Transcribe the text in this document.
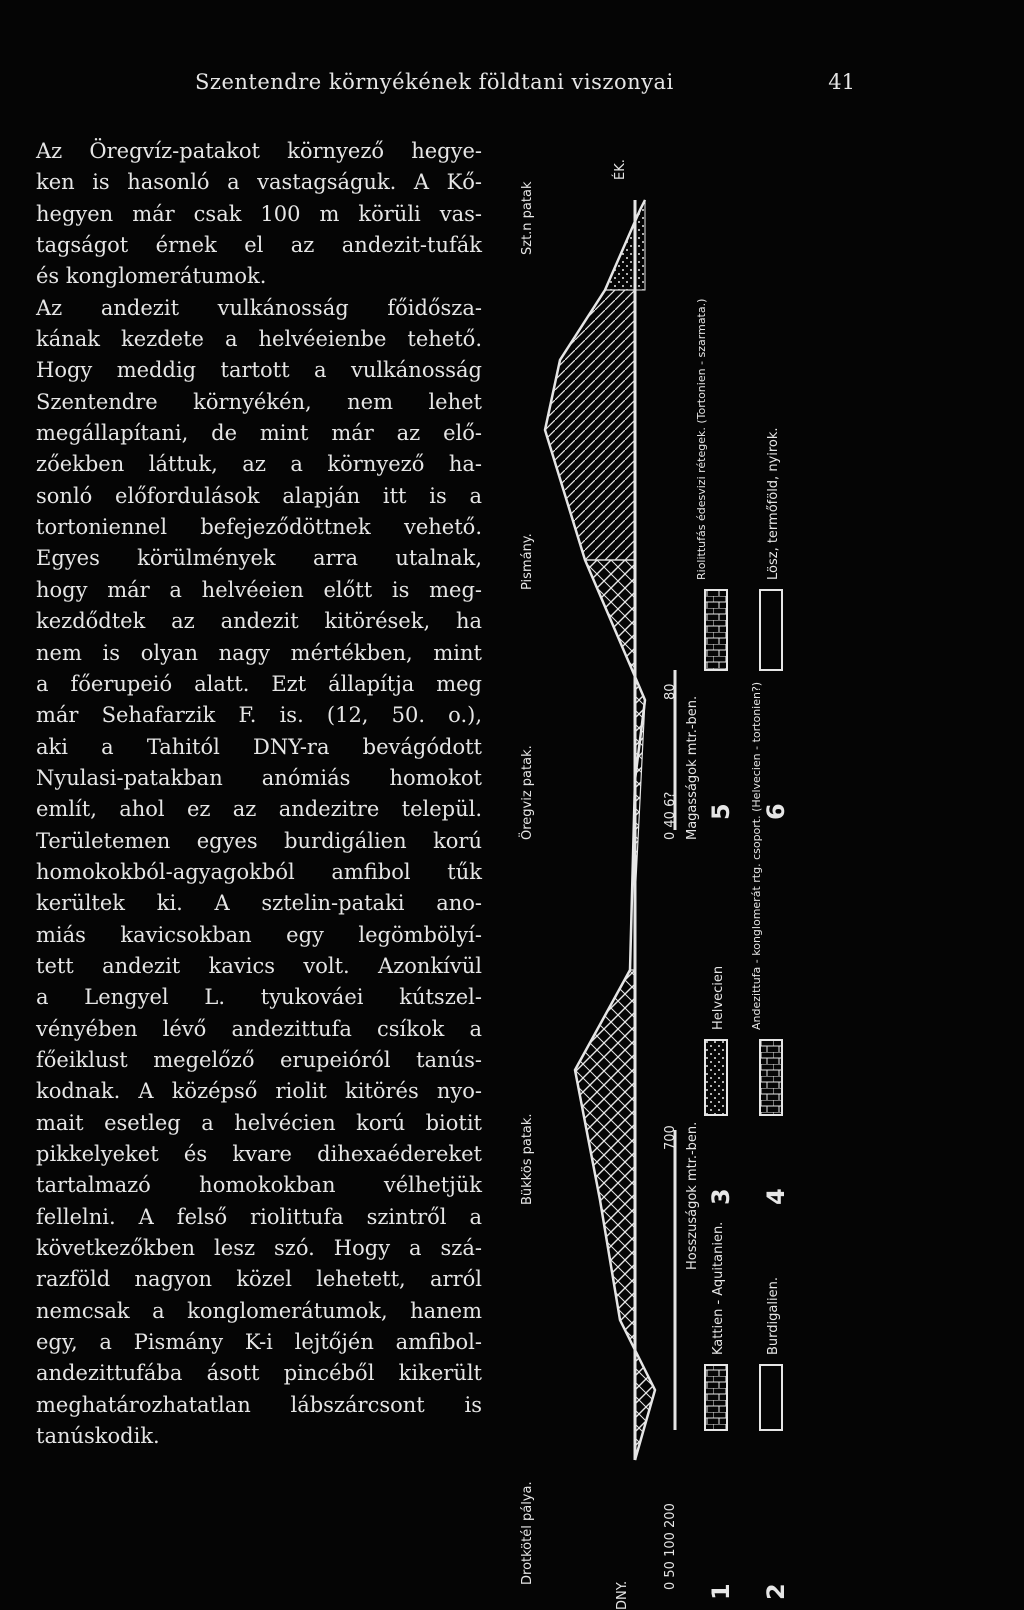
Szentendre környékének földtani viszonyai	41
Az Öregvíz-patakot környező hegye-
ken is hasonló a vastagságuk. A Kő-
hegyen már csak 100 m körüli vas-
tagságot érnek el az andezit-tufák
és konglomerátumok.
Az andezit vulkánosság főidősza-
kának kezdete a helvéeienbe tehető.
Hogy meddig tartott a vulkánosság
Szentendre környékén, nem lehet
megállapítani, de mint már az elő-
zőekben láttuk, az a környező ha-
sonló előfordulások alapján itt is a
tortoniennel befejeződöttnek vehető.
Egyes körülmények arra utalnak,
hogy már a helvéeien előtt is meg-
kezdődtek az andezit kitörések, ha
nem is olyan nagy mértékben, mint
a főerupeió alatt. Ezt állapítja meg
már Sehafarzik F. is. (12, 50. o.),
aki a Tahitól DNY-ra bevágódott
Nyulasi-patakban anómiás homokot
említ, ahol ez az andezitre települ.
Területemen egyes burdigálien korú
homokokból-agyagokból amfibol tűk
kerültek ki. A sztelin-pataki ano-
miás kavicsokban egy legömbölyí-
tett andezit kavics volt. Azonkívül
a Lengyel L. tyukováei kútszel-
vényében lévő andezittufa csíkok a
főeiklust megelőző erupeióról tanús-
kodnak. A középső riolit kitörés nyo-
mait esetleg a helvécien korú biotit
pikkelyeket és kvare dihexaédereket
tartalmazó homokokban vélhetjük
fellelni. A felső riolittufa szintről a
következőkben lesz szó. Hogy a szá-
razföld nagyon közel lehetett, arról
nemcsak a konglomerátumok, hanem
egy, a Pismány K-i lejtőjén amfibol-
andezittufába ásott pincéből kikerült
meghatározhatatlan lábszárcsont is
tanúskodik.
Drotkötél pálya.
Bükkös patak.
Öregviz patak.
Pismány.
Szt.n patak
DNY.
ÉK.
0 50 100 200
700 Hosszuságok mtr.-ben.
0 40 6?
80
Magasságok mtr.-ben.
1
Kattien - Aquitanien.
2
Burdigalien.
3
Helvecien
4
Andezittufa - konglomerát rtg. csoport. (Helvecien - tortonien?)
5
Riolittufás édesvizi rétegek. (Tortonien - szarmata.)
6
Lösz, termőföld, nyirok.
